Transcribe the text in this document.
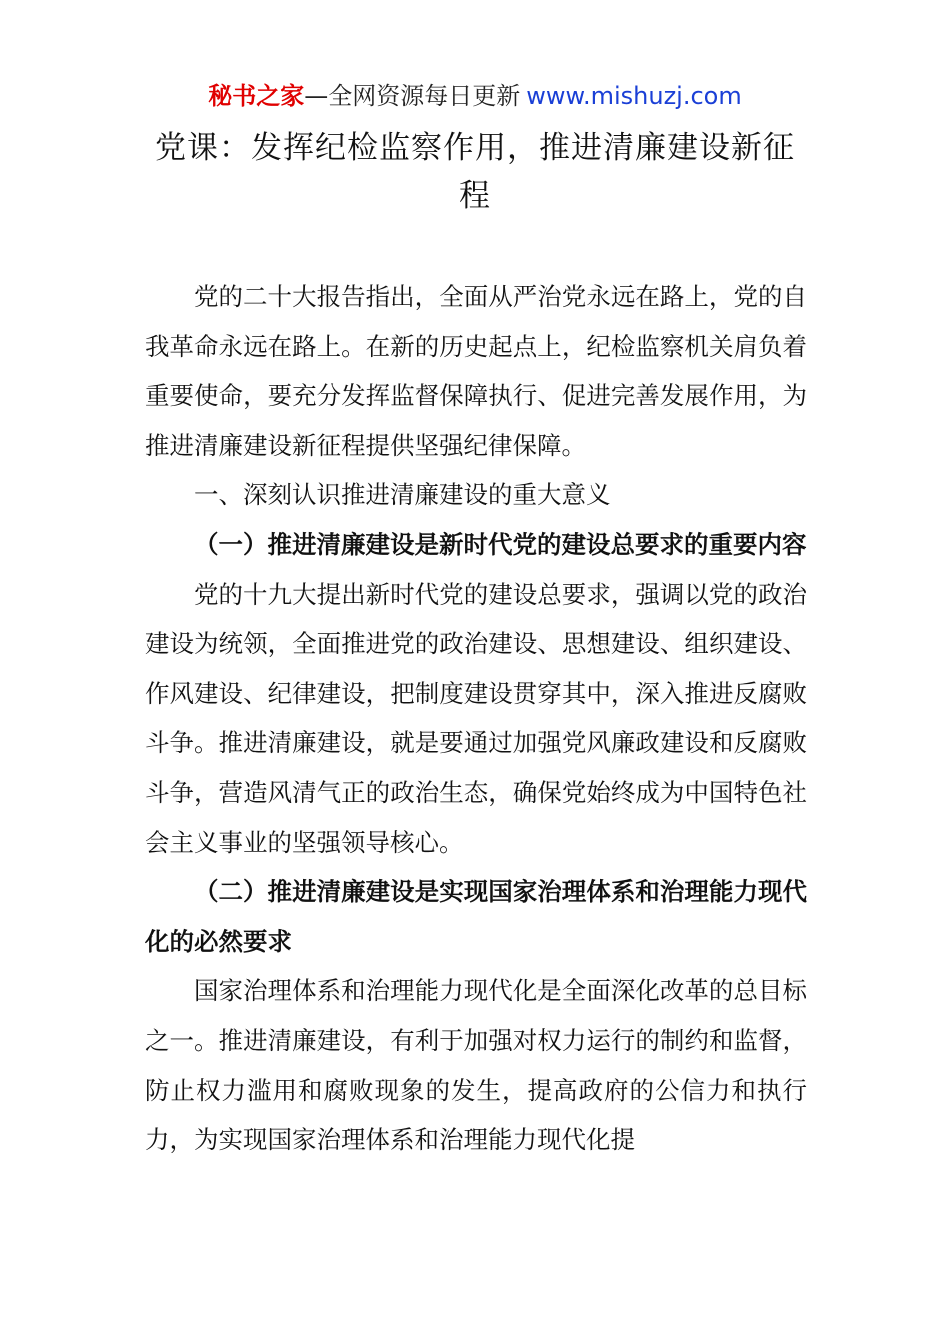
秘书之家—全网资源每日更新 www.mishuzj.com
党课：发挥纪检监察作用，推进清廉建设新征程

党的二十大报告指出，全面从严治党永远在路上，党的自我革命永远在路上。在新的历史起点上，纪检监察机关肩负着重要使命，要充分发挥监督保障执行、促进完善发展作用，为推进清廉建设新征程提供坚强纪律保障。

一、深刻认识推进清廉建设的重大意义

（一）推进清廉建设是新时代党的建设总要求的重要内容

党的十九大提出新时代党的建设总要求，强调以党的政治建设为统领，全面推进党的政治建设、思想建设、组织建设、作风建设、纪律建设，把制度建设贯穿其中，深入推进反腐败斗争。推进清廉建设，就是要通过加强党风廉政建设和反腐败斗争，营造风清气正的政治生态，确保党始终成为中国特色社会主义事业的坚强领导核心。

（二）推进清廉建设是实现国家治理体系和治理能力现代化的必然要求

国家治理体系和治理能力现代化是全面深化改革的总目标之一。推进清廉建设，有利于加强对权力运行的制约和监督，防止权力滥用和腐败现象的发生，提高政府的公信力和执行力，为实现国家治理体系和治理能力现代化提
